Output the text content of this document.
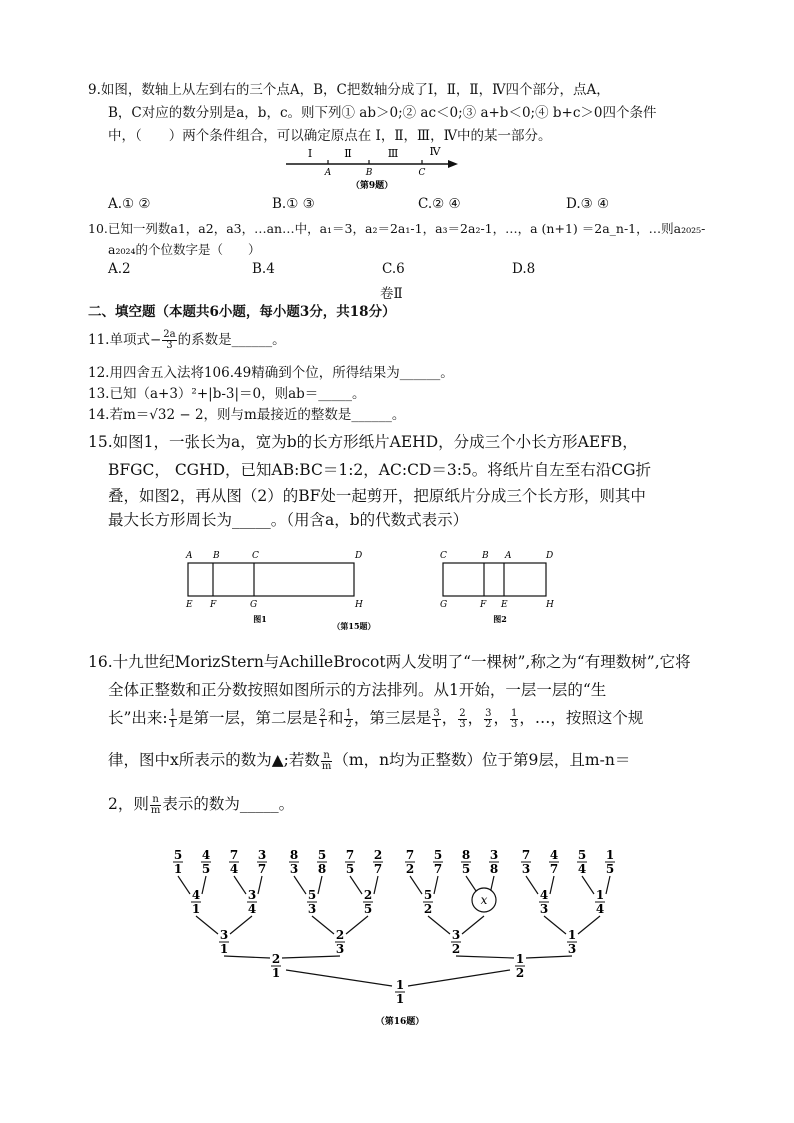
9.如图，数轴上从左到右的三个点A，B，C把数轴分成了Ⅰ，Ⅱ，Ⅱ，Ⅳ四个部分，点A，
B，C对应的数分别是a，b，c。则下列① ab＞0;② ac＜0;③ a+b＜0;④ b+c＞0四个条件
中，（　　）两个条件组合，可以确定原点在 Ⅰ，Ⅱ，Ⅲ，Ⅳ中的某一部分。
Ⅰ	Ⅱ	Ⅲ	Ⅳ
A	B	C
（第9题）
A.① ②	B.① ③	C.② ④	D.③ ④
10.已知一列数a1，a2，a3，…an…中，a₁＝3，a₂＝2a₁-1，a₃＝2a₂-1，…，a (n+1) ＝2a_n-1，…则a₂₀₂₅-
a₂₀₂₄的个位数字是（　　）
A.2	B.4	C.6	D.8
卷Ⅱ
二、填空题（本题共6小题，每小题3分，共18分）
11.单项式− $\frac{2a}{3}$ 的系数是______。
12.用四舍五入法将106.49精确到个位，所得结果为______。
13.已知（a+3）²+|b-3|＝0，则ab＝_____。
14.若m＝√32 − 2，则与m最接近的整数是______。
15.如图1，一张长为a，宽为b的长方形纸片AEHD，分成三个小长方形AEFB，
BFGC， CGHD，已知AB:BC＝1:2，AC:CD＝3:5。将纸片自左至右沿CG折
叠，如图2，再从图（2）的BF处一起剪开，把原纸片分成三个长方形，则其中
最大长方形周长为_____。（用含a，b的代数式表示）
A B	C	D
E F	G	H
图1
（第15题）
C	B A	D
G	F E	H
图2
16.十九世纪MorizStern与AchilleBrocot两人发明了“一棵树”,称之为“有理数树”,它将
全体正整数和正分数按照如图所示的方法排列。从1开始，一层一层的“生
长”出来: $\frac{1}{1}$ 是第一层，第二层是 $\frac{2}{1}$ 和 $\frac{1}{2}$ ，第三层是 $\frac{3}{1}$ ， $\frac{2}{3}$ ， $\frac{3}{2}$ ， $\frac{1}{3}$ ，…，按照这个规
律，图中x所表示的数为▲;若数 $\frac{n}{m} (m$，n均为正整数）位于第9层，且m-n＝
2，则 $\frac{n}{m}$ 表示的数为_____。
5
1
4
5
7
4
3
7
8
3
5
8
7
5
2
7
7
2
5
7
8
5
3
8
7
3
4
7
5
4
1
5
4
1
3
4
5
3
2
5
5
2
x	4
3
1
4
3
1
2
3
3
2
1
3
2
1
1
2
1
1
（第16题）
